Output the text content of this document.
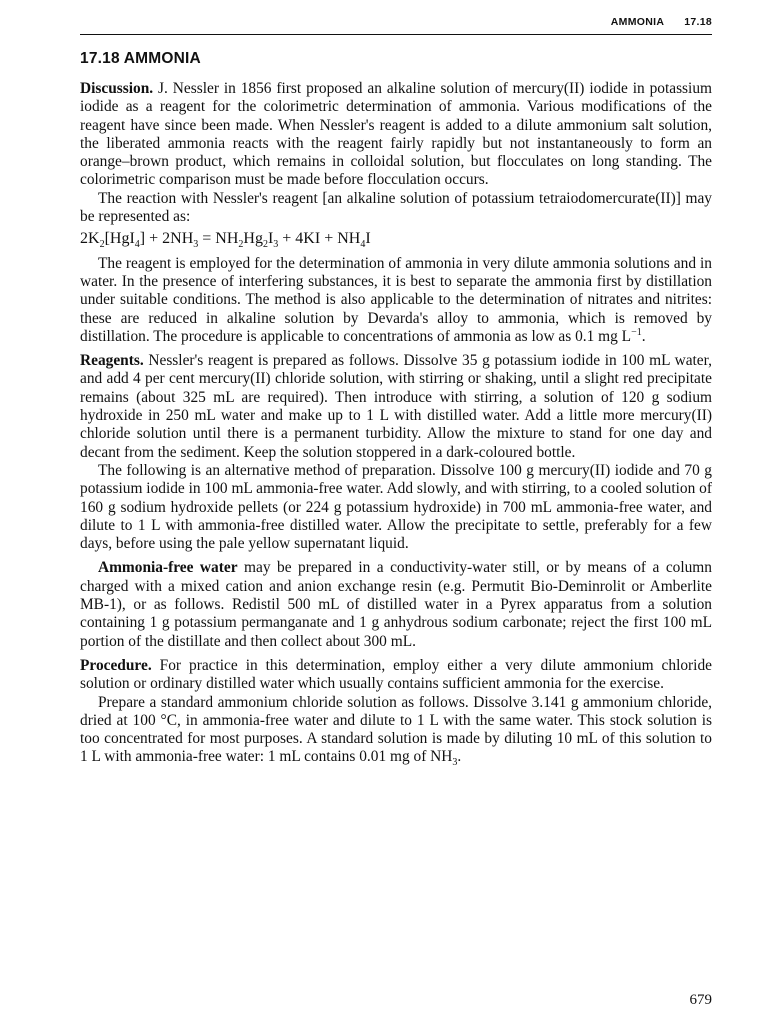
AMMONIA 17.18
17.18 AMMONIA

Discussion. J. Nessler in 1856 first proposed an alkaline solution of mercury(II) iodide in potassium iodide as a reagent for the colorimetric determination of ammonia. Various modifications of the reagent have since been made. When Nessler's reagent is added to a dilute ammonium salt solution, the liberated ammonia reacts with the reagent fairly rapidly but not instantaneously to form an orange–brown product, which remains in colloidal solution, but flocculates on long standing. The colorimetric comparison must be made before flocculation occurs.

The reaction with Nessler's reagent [an alkaline solution of potassium tetraiodomercurate(II)] may be represented as:

$2K_2[HgI_4] + 2NH_3 = NH_2Hg_2I_3 + 4KI + NH_4I$

The reagent is employed for the determination of ammonia in very dilute ammonia solutions and in water. In the presence of interfering substances, it is best to separate the ammonia first by distillation under suitable conditions. The method is also applicable to the determination of nitrates and nitrites: these are reduced in alkaline solution by Devarda's alloy to ammonia, which is removed by distillation. The procedure is applicable to concentrations of ammonia as low as 0.1 mg $L^{-1}$.

Reagents. Nessler's reagent is prepared as follows. Dissolve 35 g potassium iodide in 100 mL water, and add 4 per cent mercury(II) chloride solution, with stirring or shaking, until a slight red precipitate remains (about 325 mL are required). Then introduce with stirring, a solution of 120 g sodium hydroxide in 250 mL water and make up to 1 L with distilled water. Add a little more mercury(II) chloride solution until there is a permanent turbidity. Allow the mixture to stand for one day and decant from the sediment. Keep the solution stoppered in a dark-coloured bottle.

The following is an alternative method of preparation. Dissolve 100 g mercury(II) iodide and 70 g potassium iodide in 100 mL ammonia-free water. Add slowly, and with stirring, to a cooled solution of 160 g sodium hydroxide pellets (or 224 g potassium hydroxide) in 700 mL ammonia-free water, and dilute to 1 L with ammonia-free distilled water. Allow the precipitate to settle, preferably for a few days, before using the pale yellow supernatant liquid.

Ammonia-free water may be prepared in a conductivity-water still, or by means of a column charged with a mixed cation and anion exchange resin (e.g. Permutit Bio-Deminrolit or Amberlite MB-1), or as follows. Redistil 500 mL of distilled water in a Pyrex apparatus from a solution containing 1 g potassium permanganate and 1 g anhydrous sodium carbonate; reject the first 100 mL portion of the distillate and then collect about 300 mL.

Procedure. For practice in this determination, employ either a very dilute ammonium chloride solution or ordinary distilled water which usually contains sufficient ammonia for the exercise.

Prepare a standard ammonium chloride solution as follows. Dissolve 3.141 g ammonium chloride, dried at 100 °C, in ammonia-free water and dilute to 1 L with the same water. This stock solution is too concentrated for most purposes. A standard solution is made by diluting 10 mL of this solution to 1 L with ammonia-free water: 1 mL contains 0.01 mg of $NH_3$.

679
